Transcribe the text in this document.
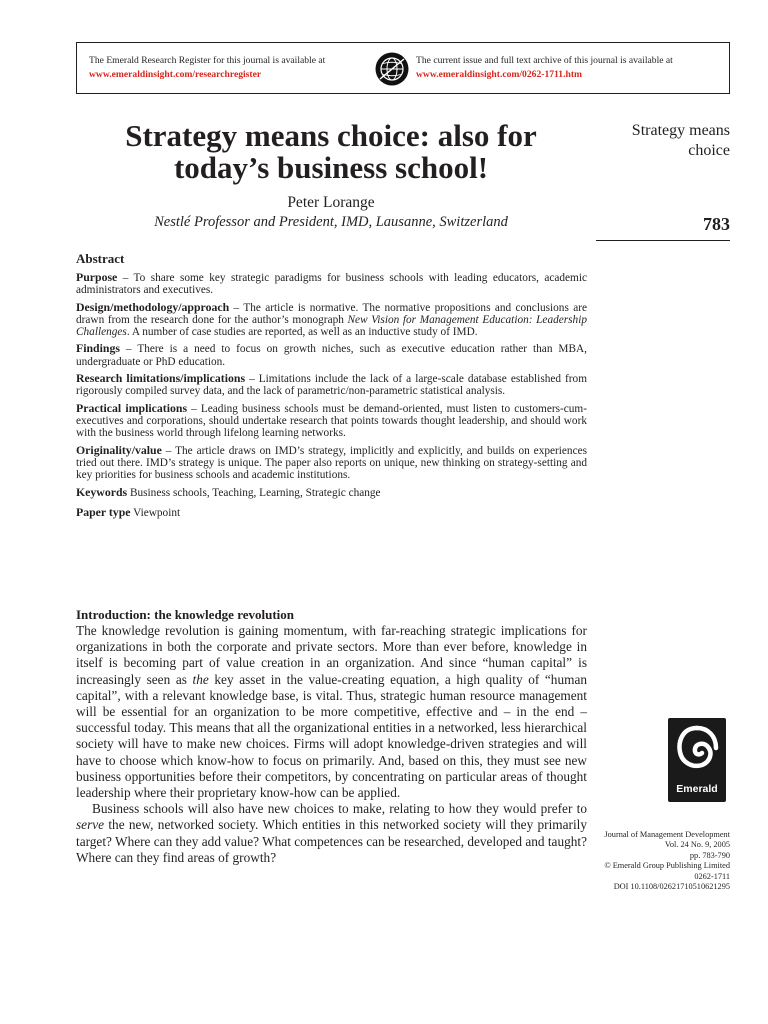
The Emerald Research Register for this journal is available at
www.emeraldinsight.com/researchregister
The current issue and full text archive of this journal is available at
www.emeraldinsight.com/0262-1711.htm
Strategy means choice: also for today’s business school!
Peter Lorange
Nestlé Professor and President, IMD, Lausanne, Switzerland
Strategy means
choice
783
Abstract

Purpose – To share some key strategic paradigms for business schools with leading educators, academic administrators and executives.

Design/methodology/approach – The article is normative. The normative propositions and conclusions are drawn from the research done for the author’s monograph New Vision for Management Education: Leadership Challenges. A number of case studies are reported, as well as an inductive study of IMD.

Findings – There is a need to focus on growth niches, such as executive education rather than MBA, undergraduate or PhD education.

Research limitations/implications – Limitations include the lack of a large-scale database established from rigorously compiled survey data, and the lack of parametric/non-parametric statistical analysis.

Practical implications – Leading business schools must be demand-oriented, must listen to customers-cum-executives and corporations, should undertake research that points towards thought leadership, and should work with the business world through lifelong learning networks.

Originality/value – The article draws on IMD’s strategy, implicitly and explicitly, and builds on experiences tried out there. IMD’s strategy is unique. The paper also reports on unique, new thinking on strategy-setting and key priorities for business schools and academic institutions.

Keywords Business schools, Teaching, Learning, Strategic change

Paper type Viewpoint

Introduction: the knowledge revolution

The knowledge revolution is gaining momentum, with far-reaching strategic implications for organizations in both the corporate and private sectors. More than ever before, knowledge in itself is becoming part of value creation in an organization. And since “human capital” is increasingly seen as the key asset in the value-creating equation, a high quality of “human capital”, with a relevant knowledge base, is vital. Thus, strategic human resource management will be essential for an organization to be more competitive, effective and – in the end – successful today. This means that all the organizational entities in a networked, less hierarchical society will have to make new choices. Firms will adopt knowledge-driven strategies and will have to choose which know-how to focus on primarily. And, based on this, they must see new business opportunities before their competitors, by concentrating on particular areas of thought leadership where their proprietary know-how can be applied.

Business schools will also have new choices to make, relating to how they would prefer to serve the new, networked society. Which entities in this networked society will they primarily target? Where can they add value? What competences can be researched, developed and taught? Where can they find areas of growth?

Emerald
Journal of Management Development
Vol. 24 No. 9, 2005
pp. 783-790
© Emerald Group Publishing Limited
0262-1711
DOI 10.1108/02621710510621295
